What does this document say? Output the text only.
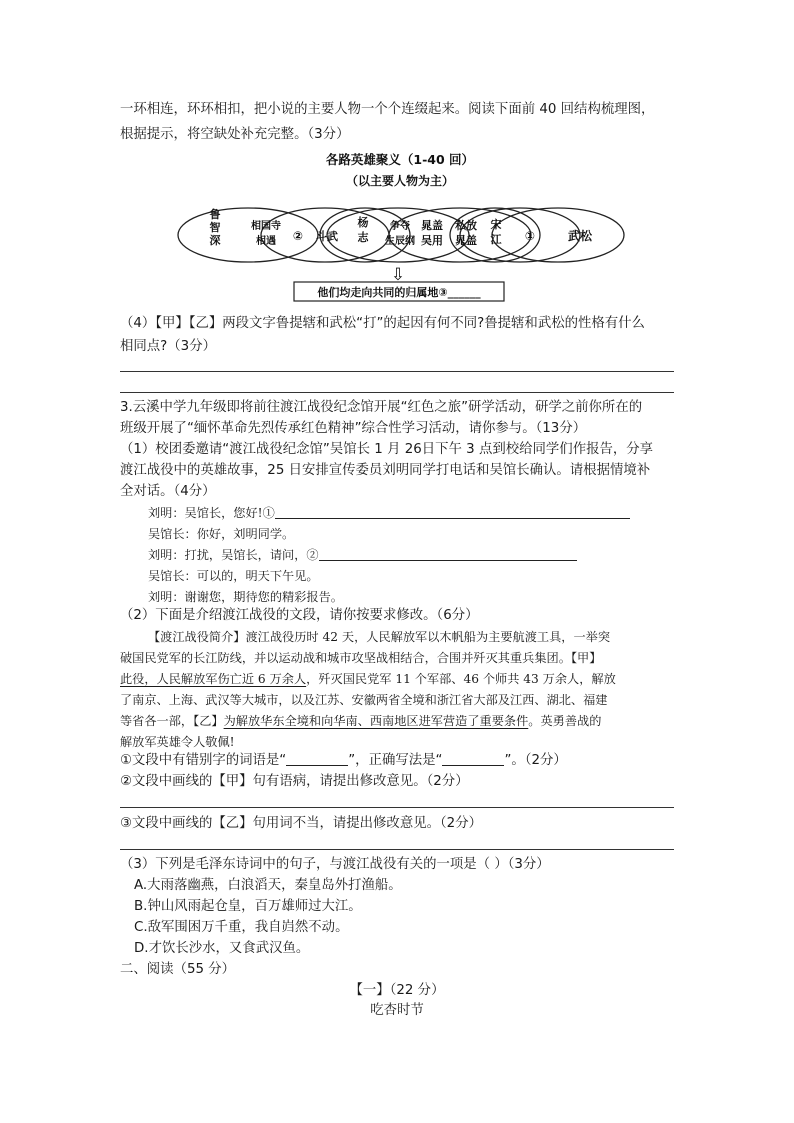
一环相连，环环相扣，把小说的主要人物一个个连缀起来。阅读下面前 40 回结构梳理图，
根据提示，将空缺处补充完整。（3分）
各路英雄聚义（1-40 回）
（以主要人物为主）
鲁智深
相国寺相遇	② 斗武
杨志
争夺生辰纲
晁盖吴用
私放晁盖
宋江 ①	武松
⇩
他们均走向共同的归属地③______
（4）【甲】【乙】两段文字鲁提辖和武松“打”的起因有何不同?鲁提辖和武松的性格有什么
相同点?（3分）
3.云溪中学九年级即将前往渡江战役纪念馆开展“红色之旅”研学活动，研学之前你所在的
班级开展了“缅怀革命先烈传承红色精神”综合性学习活动，请你参与。（13分）
（1）校团委邀请“渡江战役纪念馆”吴馆长 1 月 26日下午 3 点到校给同学们作报告，分享
渡江战役中的英雄故事，25 日安排宣传委员刘明同学打电话和吴馆长确认。请根据情境补
全对话。（4分）
刘明：吴馆长，您好!①
吴馆长：你好，刘明同学。
刘明：打扰，吴馆长，请问，②
吴馆长：可以的，明天下午见。
刘明：谢谢您，期待您的精彩报告。
（2）下面是介绍渡江战役的文段，请你按要求修改。（6分）
【渡江战役简介】渡江战役历时 42 天，人民解放军以木帆船为主要航渡工具，一举突
破国民党军的长江防线，并以运动战和城市攻坚战相结合，合围并歼灭其重兵集团。【甲】
此役，人民解放军伤亡近 6 万余人，歼灭国民党军 11 个军部、46 个师共 43 万余人，解放
了南京、上海、武汉等大城市，以及江苏、安徽两省全境和浙江省大部及江西、湖北、福建
等省各一部，【乙】为解放华东全境和向华南、西南地区进军营造了重要条件。英勇善战的
解放军英雄令人敬佩!
①文段中有错别字的词语是“	”，正确写法是“	”。（2分）
②文段中画线的【甲】句有语病，请提出修改意见。（2分）
③文段中画线的【乙】句用词不当，请提出修改意见。（2分）
（3）下列是毛泽东诗词中的句子，与渡江战役有关的一项是（ ）（3分）
A.大雨落幽燕，白浪滔天，秦皇岛外打渔船。
B.钟山风雨起仓皇，百万雄师过大江。
C.敌军围困万千重，我自岿然不动。
D.才饮长沙水，又食武汉鱼。
二、阅读（55 分）
【一】（22 分）
吃杏时节
